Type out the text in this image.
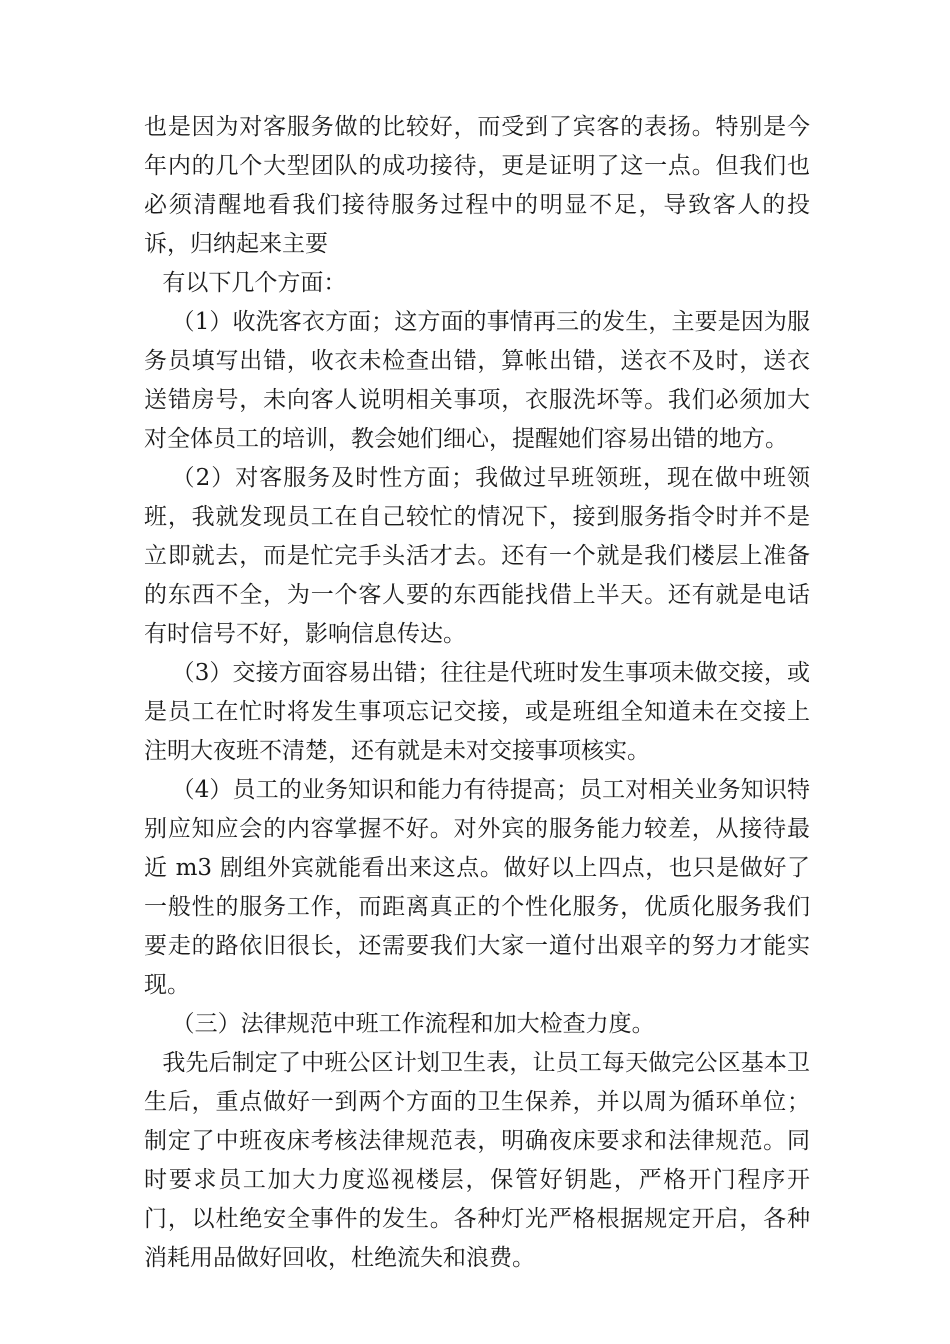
也是因为对客服务做的比较好，而受到了宾客的表扬。特别是今年内的几个大型团队的成功接待，更是证明了这一点。但我们也必须清醒地看我们接待服务过程中的明显不足，导致客人的投诉，归纳起来主要

有以下几个方面：

（1）收洗客衣方面；这方面的事情再三的发生，主要是因为服务员填写出错，收衣未检查出错，算帐出错，送衣不及时，送衣送错房号，未向客人说明相关事项，衣服洗坏等。我们必须加大对全体员工的培训，教会她们细心，提醒她们容易出错的地方。

（2）对客服务及时性方面；我做过早班领班，现在做中班领班，我就发现员工在自己较忙的情况下，接到服务指令时并不是立即就去，而是忙完手头活才去。还有一个就是我们楼层上准备的东西不全，为一个客人要的东西能找借上半天。还有就是电话有时信号不好，影响信息传达。

（3）交接方面容易出错；往往是代班时发生事项未做交接，或是员工在忙时将发生事项忘记交接，或是班组全知道未在交接上注明大夜班不清楚，还有就是未对交接事项核实。

（4）员工的业务知识和能力有待提高；员工对相关业务知识特别应知应会的内容掌握不好。对外宾的服务能力较差，从接待最近 m3 剧组外宾就能看出来这点。做好以上四点，也只是做好了一般性的服务工作，而距离真正的个性化服务，优质化服务我们要走的路依旧很长，还需要我们大家一道付出艰辛的努力才能实现。

（三）法律规范中班工作流程和加大检查力度。

我先后制定了中班公区计划卫生表，让员工每天做完公区基本卫生后，重点做好一到两个方面的卫生保养，并以周为循环单位；制定了中班夜床考核法律规范表，明确夜床要求和法律规范。同时要求员工加大力度巡视楼层，保管好钥匙，严格开门程序开门，以杜绝安全事件的发生。各种灯光严格根据规定开启，各种消耗用品做好回收，杜绝流失和浪费。
